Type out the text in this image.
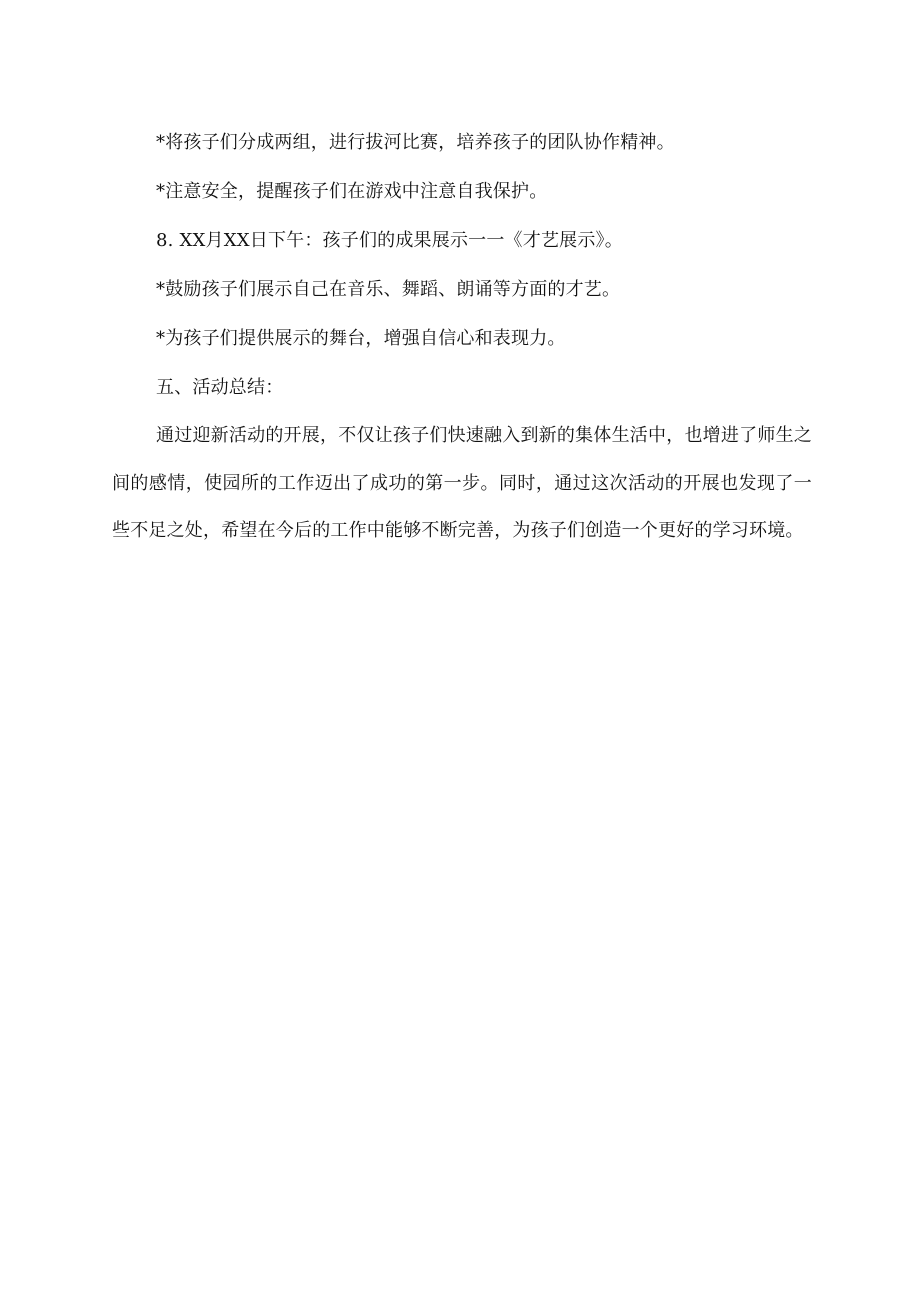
*将孩子们分成两组，进行拔河比赛，培养孩子的团队协作精神。

*注意安全，提醒孩子们在游戏中注意自我保护。

8. XX月XX日下午：孩子们的成果展示一一《才艺展示》。

*鼓励孩子们展示自己在音乐、舞蹈、朗诵等方面的才艺。

*为孩子们提供展示的舞台，增强自信心和表现力。

五、活动总结：

通过迎新活动的开展，不仅让孩子们快速融入到新的集体生活中，也增进了师生之间的感情，使园所的工作迈出了成功的第一步。同时，通过这次活动的开展也发现了一些不足之处，希望在今后的工作中能够不断完善，为孩子们创造一个更好的学习环境。
